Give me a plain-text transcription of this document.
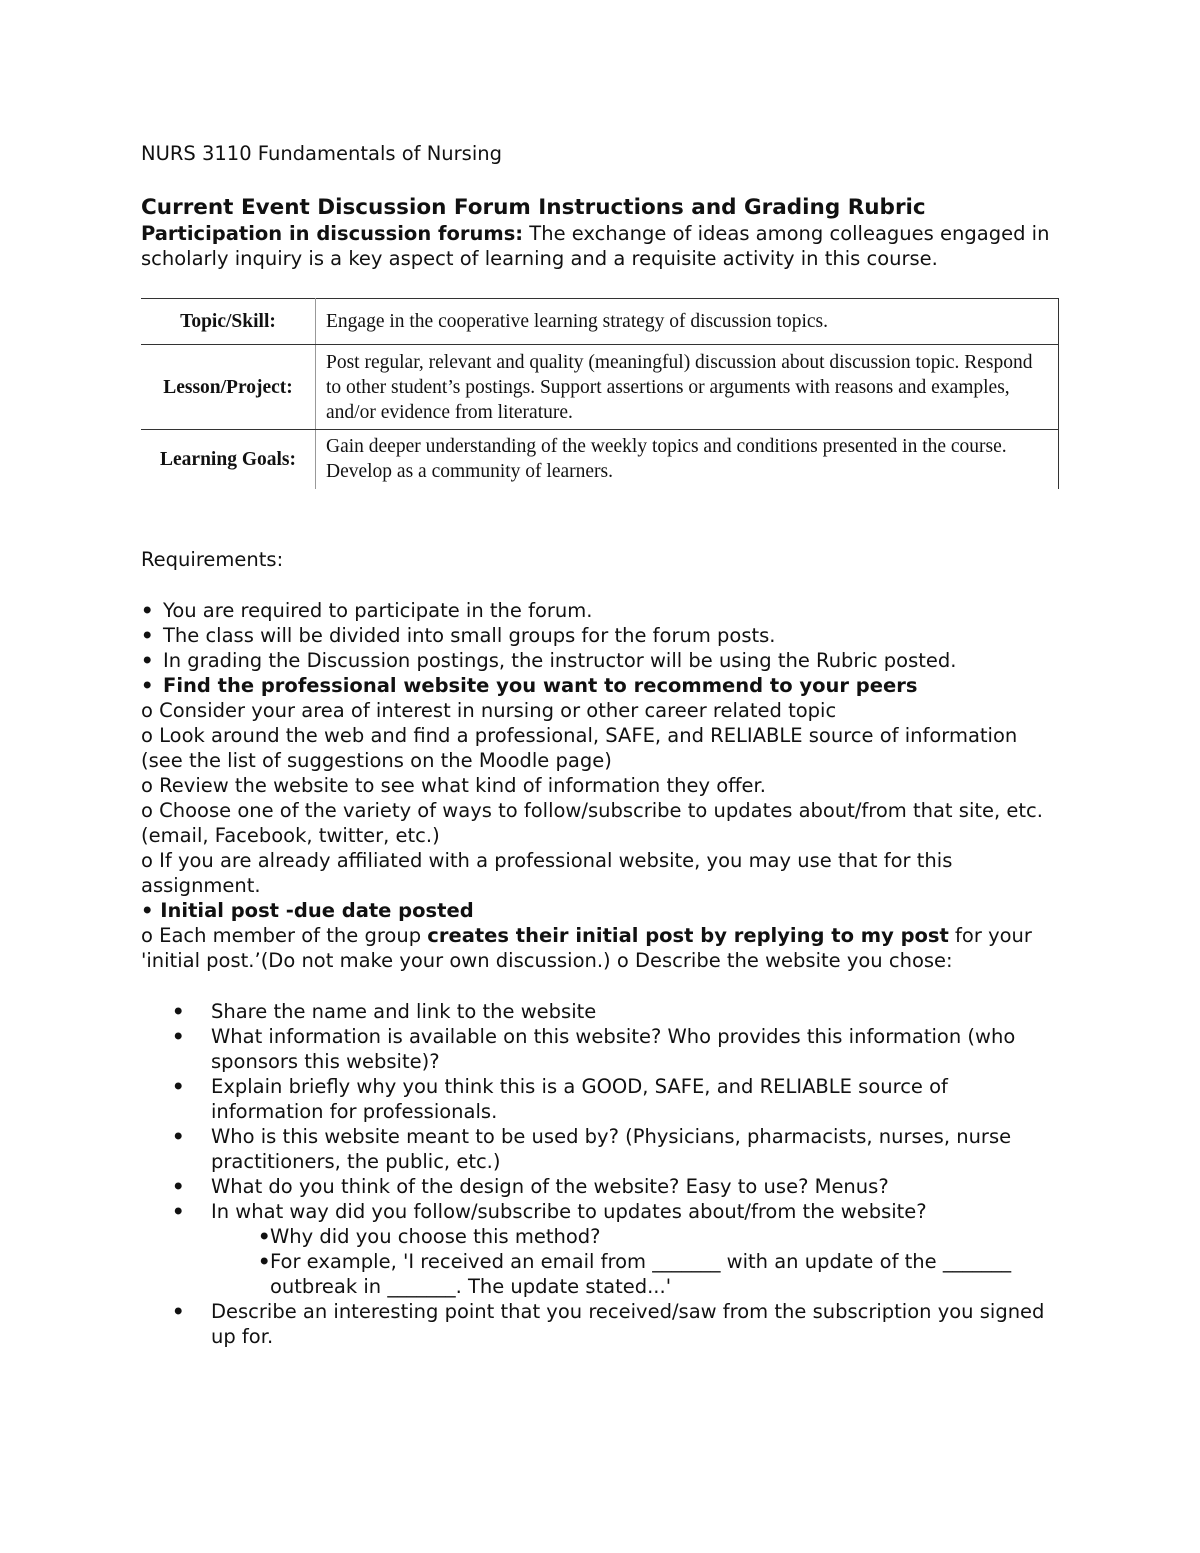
NURS 3110 Fundamentals of Nursing

Current Event Discussion Forum Instructions and Grading Rubric

Participation in discussion forums: The exchange of ideas among colleagues engaged in scholarly inquiry is a key aspect of learning and a requisite activity in this course.

Topic/Skill:	Engage in the cooperative learning strategy of discussion topics.
Lesson/Project:	Post regular, relevant and quality (meaningful) discussion about discussion topic. Respond to other student’s postings. Support assertions or arguments with reasons and examples, and/or evidence from literature.
Learning Goals:	Gain deeper understanding of the weekly topics and conditions presented in the course. Develop as a community of learners.

Requirements:

• You are required to participate in the forum.
• The class will be divided into small groups for the forum posts.
• In grading the Discussion postings, the instructor will be using the Rubric posted.
• Find the professional website you want to recommend to your peers

o Consider your area of interest in nursing or other career related topic

o Look around the web and find a professional, SAFE, and RELIABLE source of information (see the list of suggestions on the Moodle page)

o Review the website to see what kind of information they offer.

o Choose one of the variety of ways to follow/subscribe to updates about/from that site, etc. (email, Facebook, twitter, etc.)

o If you are already affiliated with a professional website, you may use that for this assignment.

• Initial post -due date posted

o Each member of the group creates their initial post by replying to my post for your 'initial post.’(Do not make your own discussion.) o Describe the website you chose:

• Share the name and link to the website
• What information is available on this website? Who provides this information (who sponsors this website)?
• Explain briefly why you think this is a GOOD, SAFE, and RELIABLE source of information for professionals.
• Who is this website meant to be used by? (Physicians, pharmacists, nurses, nurse practitioners, the public, etc.)
• What do you think of the design of the website? Easy to use? Menus?
• In what way did you follow/subscribe to updates about/from the website?
• Why did you choose this method?
• For example, 'I received an email from _______ with an update of the _______ outbreak in _______. The update stated...'
• Describe an interesting point that you received/saw from the subscription you signed up for.
